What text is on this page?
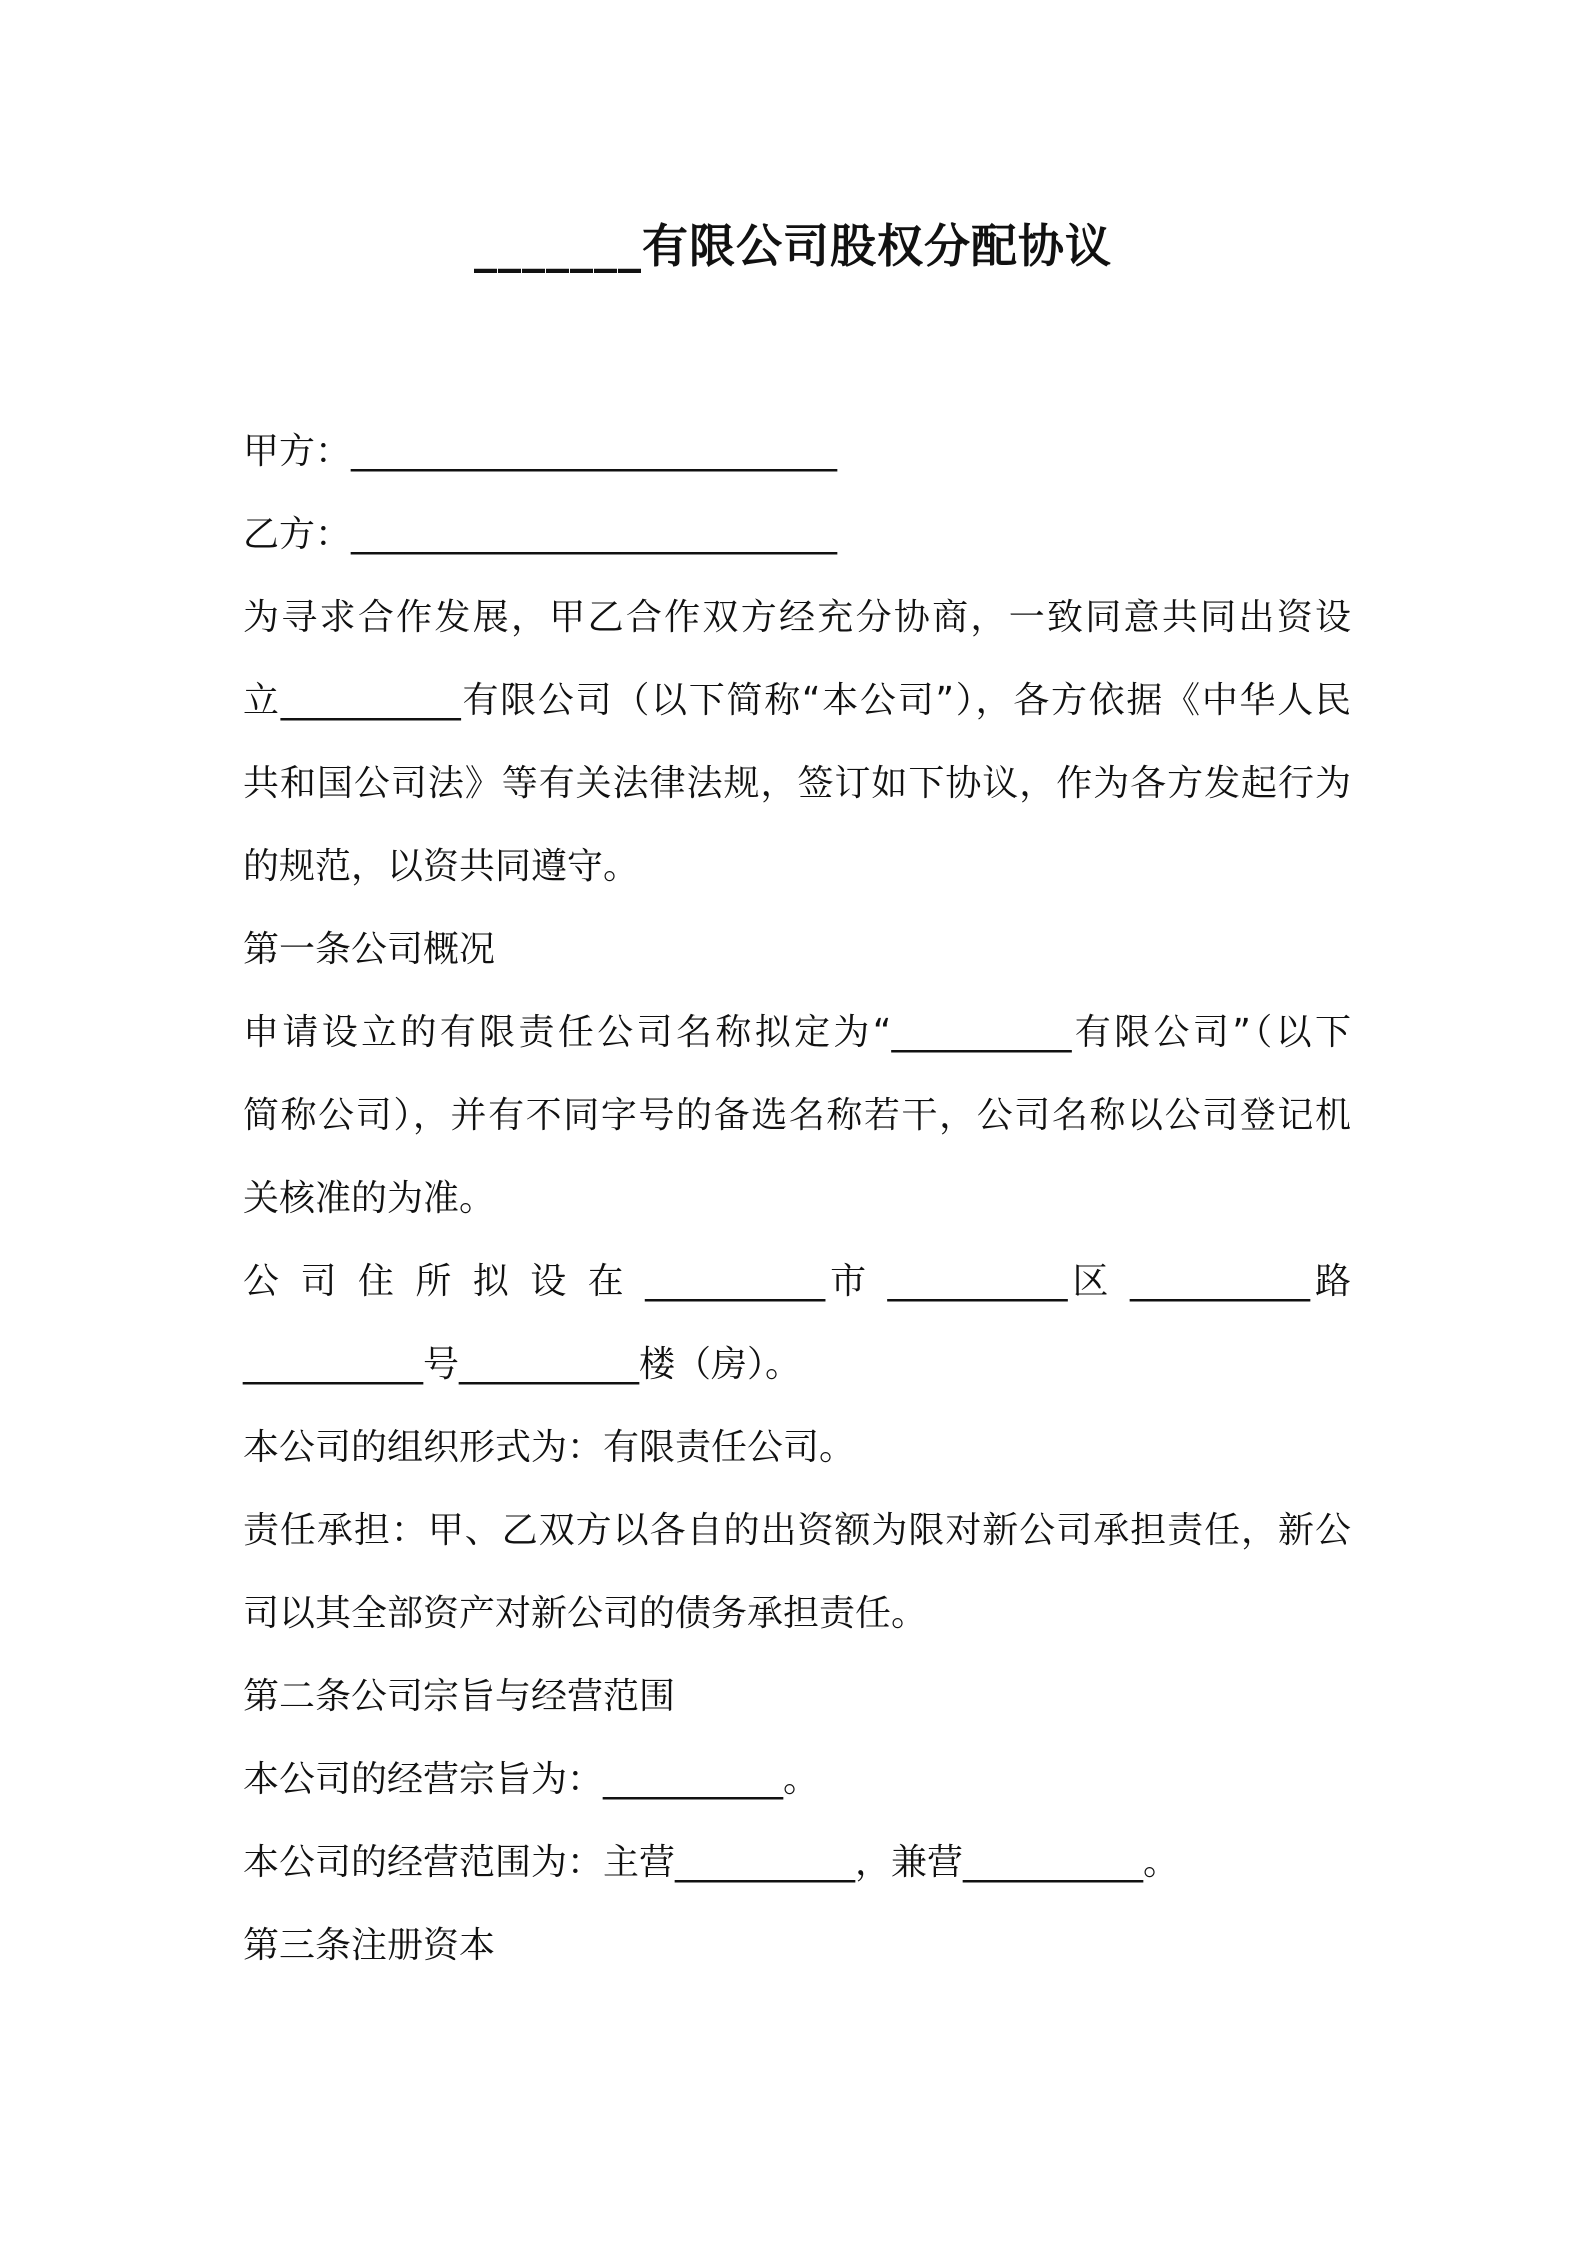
_______有限公司股权分配协议
甲方：___________________________
乙方：___________________________
为寻求合作发展，甲乙合作双方经充分协商，一致同意共同出资设
立__________有限公司（以下简称“本公司”），各方依据《中华人民
共和国公司法》等有关法律法规，签订如下协议，作为各方发起行为
的规范，以资共同遵守。
第一条公司概况
申请设立的有限责任公司名称拟定为“__________有限公司”（以下
简称公司），并有不同字号的备选名称若干，公司名称以公司登记机
关核准的为准。
公 司 住 所 拟 设 在 __________市 __________区 __________路
__________号__________楼（房）。
本公司的组织形式为：有限责任公司。
责任承担：甲、乙双方以各自的出资额为限对新公司承担责任，新公
司以其全部资产对新公司的债务承担责任。
第二条公司宗旨与经营范围
本公司的经营宗旨为：__________。
本公司的经营范围为：主营__________，兼营__________。
第三条注册资本
